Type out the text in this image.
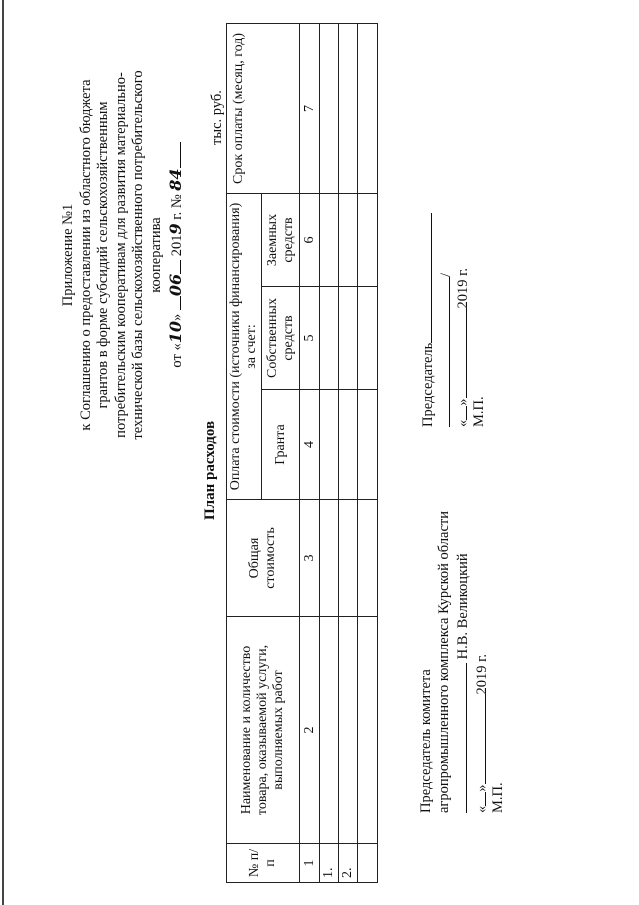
Приложение №1 к Соглашению о предоставлении из областного бюджета грантов в форме субсидий сельскохозяйственным потребительским кооперативам для развития материально- технической базы сельскохозяйственного потребительского кооператива
от «10» 06 2019 г. № 84
План расходов
тыс. руб.
№ п/п
Наименование и количество товара, оказываемой услуги, выполняемых работ
Общая стоимость
Оплата стоимости (источники финансирования) за счет:
Гранта
Собственных средств
Заемных средств
Срок оплаты (месяц, год)
1
2
3
4
5
6
7
1. 2.
Председатель комитета агропромышленного комплекса Курской области Н.В. Великоцкий
«»2019 г.
М.П.
Председатель
/
«»2019 г.
М.П.
